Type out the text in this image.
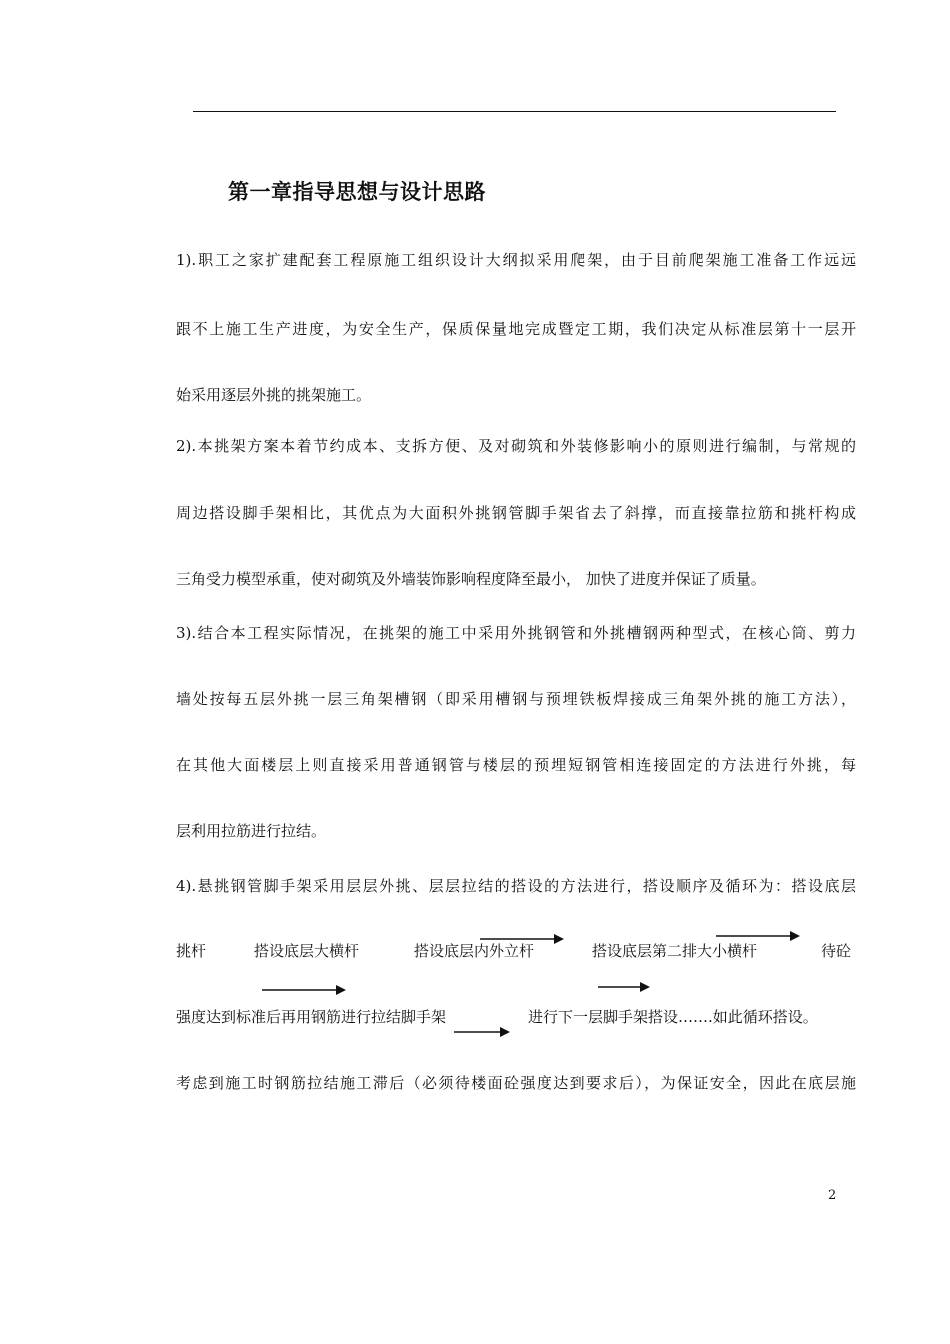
第一章指导思想与设计思路
1).职工之家扩建配套工程原施工组织设计大纲拟采用爬架，由于目前爬架施工准备工作远远
跟不上施工生产进度，为安全生产，保质保量地完成暨定工期，我们决定从标准层第十一层开
始采用逐层外挑的挑架施工。
2).本挑架方案本着节约成本、支拆方便、及对砌筑和外装修影响小的原则进行编制，与常规的
周边搭设脚手架相比，其优点为大面积外挑钢管脚手架省去了斜撑，而直接靠拉筋和挑杆构成
三角受力模型承重，使对砌筑及外墙装饰影响程度降至最小， 加快了进度并保证了质量。
3).结合本工程实际情况，在挑架的施工中采用外挑钢管和外挑槽钢两种型式，在核心筒、剪力
墙处按每五层外挑一层三角架槽钢（即采用槽钢与预埋铁板焊接成三角架外挑的施工方法），
在其他大面楼层上则直接采用普通钢管与楼层的预埋短钢管相连接固定的方法进行外挑，每
层利用拉筋进行拉结。
4).悬挑钢管脚手架采用层层外挑、层层拉结的搭设的方法进行，搭设顺序及循环为：搭设底层
挑杆	搭设底层大横杆	搭设底层内外立杆	搭设底层第二排大小横杆	待砼
强度达到标准后再用钢筋进行拉结脚手架	进行下一层脚手架搭设…….如此循环搭设。
考虑到施工时钢筋拉结施工滞后（必须待楼面砼强度达到要求后），为保证安全，因此在底层施
2
